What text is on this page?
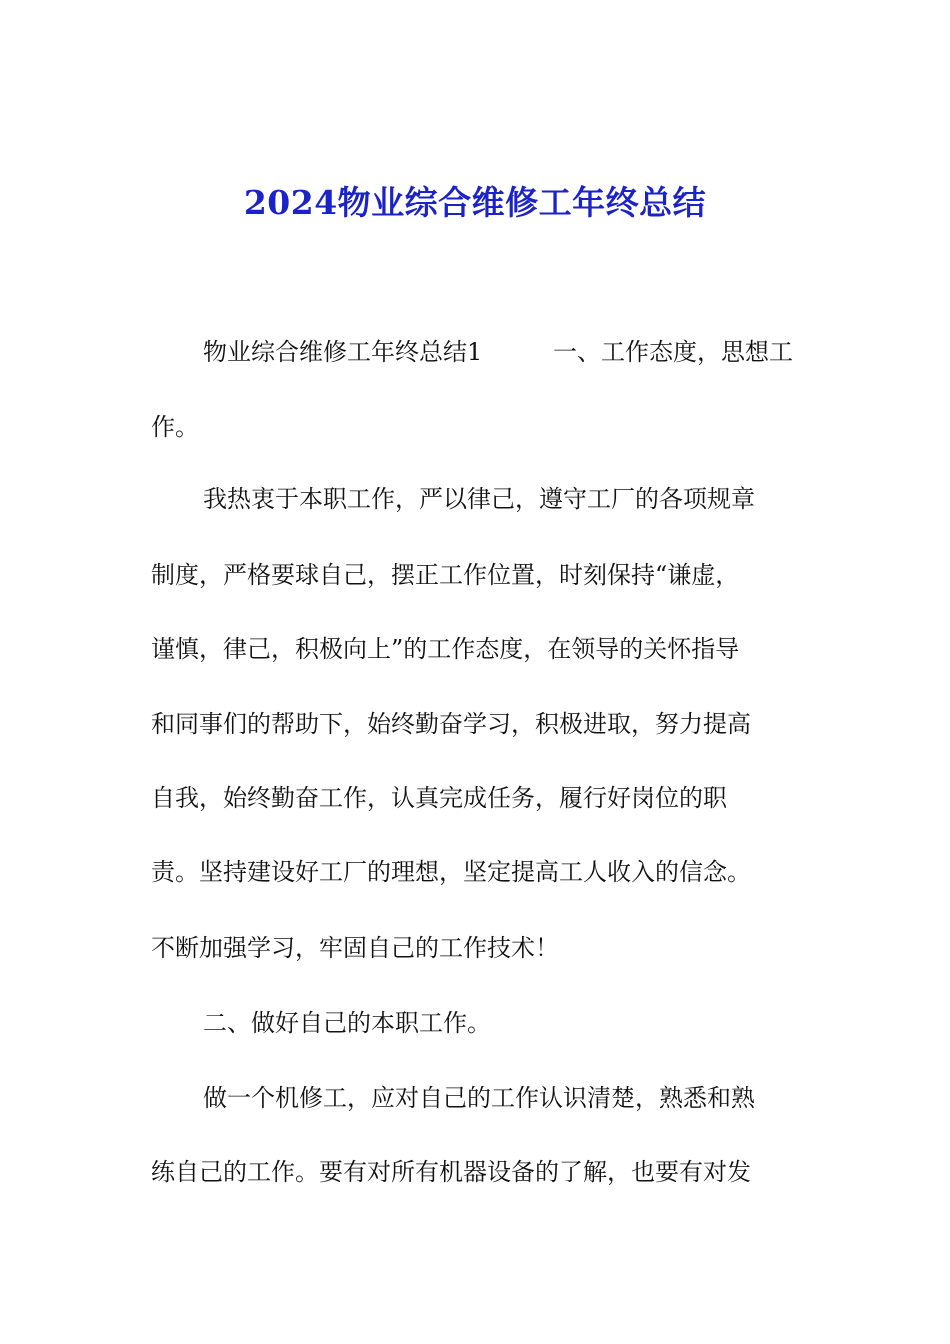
2024物业综合维修工年终总结
物业综合维修工年终总结1	一、工作态度，思想工
作。
我热衷于本职工作，严以律己，遵守工厂的各项规章
制度，严格要球自己，摆正工作位置，时刻保持“谦虚，
谨慎，律己，积极向上”的工作态度，在领导的关怀指导
和同事们的帮助下，始终勤奋学习，积极进取，努力提高
自我，始终勤奋工作，认真完成任务，履行好岗位的职
责。坚持建设好工厂的理想，坚定提高工人收入的信念。
不断加强学习，牢固自己的工作技术！
二、做好自己的本职工作。
做一个机修工，应对自己的工作认识清楚，熟悉和熟
练自己的工作。要有对所有机器设备的了解，也要有对发
